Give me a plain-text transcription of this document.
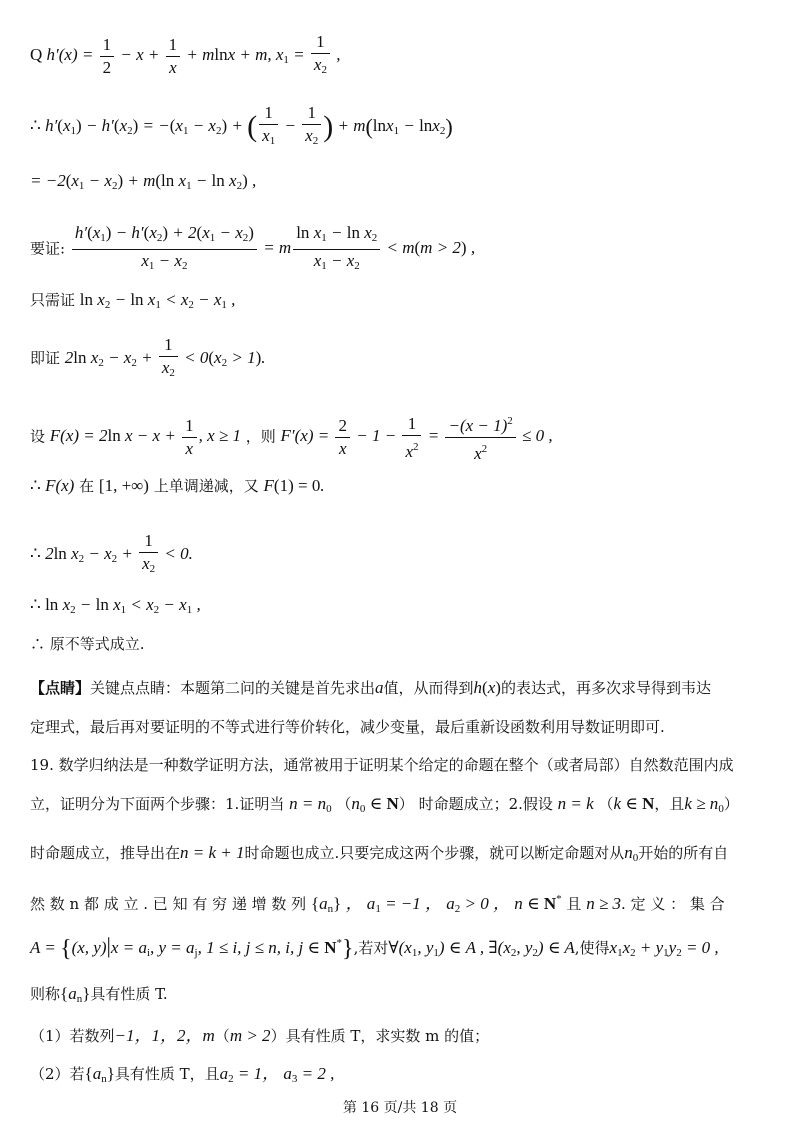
Q $h'(x) = \frac{1}{2} - x + \frac{1}{x} + mlnx + m$, $x_1 = \frac{1}{x_2}$ ,
∴ $h'(x_1) - h'(x_2) = -(x_1 - x_2)$ + ( $\frac{1}{x_1} - \frac{1}{x_2}$ ) + m(lnx$_1$ − lnx$_2$)
= $-2(x_1 - x_2) + m(\ln$ $x_1 - \ln x_2$) ,
要证: $\frac{h'(x_1) - h'(x_2) + 2(x_1 - x_2)}{x_1 - x_2} = m \frac{\ln x_1 - \ln x_2}{x_1 - x_2} < m(m > 2)$ ,
只需证 $\ln x_2 - \ln x_1 < x_2 - x_1$ ,
即证 2ln $x_2 - x_2 + \frac{1}{x_2} < 0(x_2 > 1)$.
设 F(x) = 2ln $x - x + \frac{1}{x}$ , x ≥ 1 ，则 $F'(x) = \frac{2}{x} - 1 - \frac{1}{x^2} = \frac{-(x - 1)^2}{x^2} \le 0$ ,
∴ F(x) 在 [1, +∞) 上单调递减，又 F(1) = 0.
∴ 2ln $x_2 - x_2 + \frac{1}{x_2} < 0$.
∴ $\ln x_2 - \ln x_1 < x_2 - x_1$ ,
∴ 原不等式成立.
【点睛】关键点点睛：本题第二问的关键是首先求出a值，从而得到h(x)的表达式，再多次求导得到韦达
定理式，最后再对要证明的不等式进行等价转化，减少变量，最后重新设函数利用导数证明即可.
19. 数学归纳法是一种数学证明方法，通常被用于证明某个给定的命题在整个（或者局部）自然数范围内成
立，证明分为下面两个步骤：1.证明当 $n = n_0$ （$n_0$ ∈ N） 时命题成立；2.假设 n = k （k ∈ N，且$k \ge n_0$）
时命题成立，推导出在n = k + 1时命题也成立.只要完成这两个步骤，就可以断定命题对从$n_0$开始的所有自
然 数 n 都 成 立 . 已 知 有 穷 递 增 数 列 $\{a_n\}$ ， $a_1 = -1$ ， $a_2 > 0$ ， n ∈ N* 且 n ≥ 3. 定 义 ： 集 合
A = {(x, $y)|x = a_i$, $y = a_j$, 1 ≤ i, j ≤ n, i, j ∈ N*},若对$\forall(x_1$, $y_1$) ∈ A , $\exists(x_2$, $y_2$) ∈ A,使得$x_1x_2 + y_1y_2 = 0$ ,
则称$\{a_n\}$具有性质 T.
（1）若数列−1，1，2，m（m > 2）具有性质 T，求实数 m 的值；
（2）若$\{a_n\}$具有性质 T，且$a_2 = 1$， $a_3 = 2$ ,
第 16 页/共 18 页
